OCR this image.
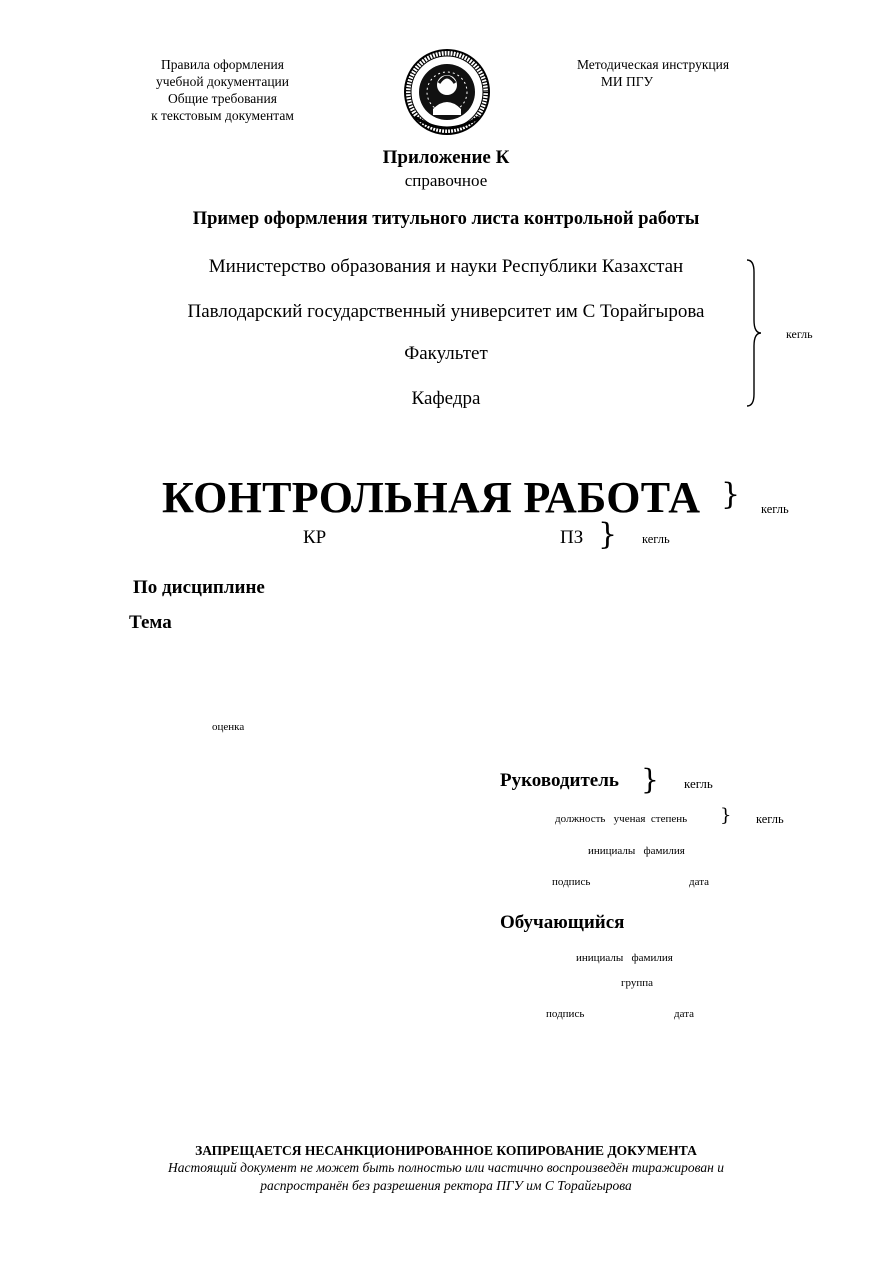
Правила оформления
учебной документации
Общие требования
к текстовым документам
Методическая инструкция
МИ ПГУ
Приложение К
справочное
Пример оформления титульного листа контрольной работы
Министерство образования и науки Республики Казахстан
Павлодарский государственный университет им С Торайгырова
Факультет
Кафедра
кегль
КОНТРОЛЬНАЯ РАБОТА } кегль
КР	ПЗ } кегль
По дисциплине
Тема
оценка
Руководитель } кегль
должность   ученая  степень } кегль
инициалы   фамилия
подпись	дата
Обучающийся
инициалы   фамилия
группа
подпись	дата
ЗАПРЕЩАЕТСЯ НЕСАНКЦИОНИРОВАННОЕ КОПИРОВАНИЕ ДОКУМЕНТА
Настоящий документ не может быть полностью или частично воспроизведён тиражирован и
распространён без разрешения ректора ПГУ им С Торайгырова
